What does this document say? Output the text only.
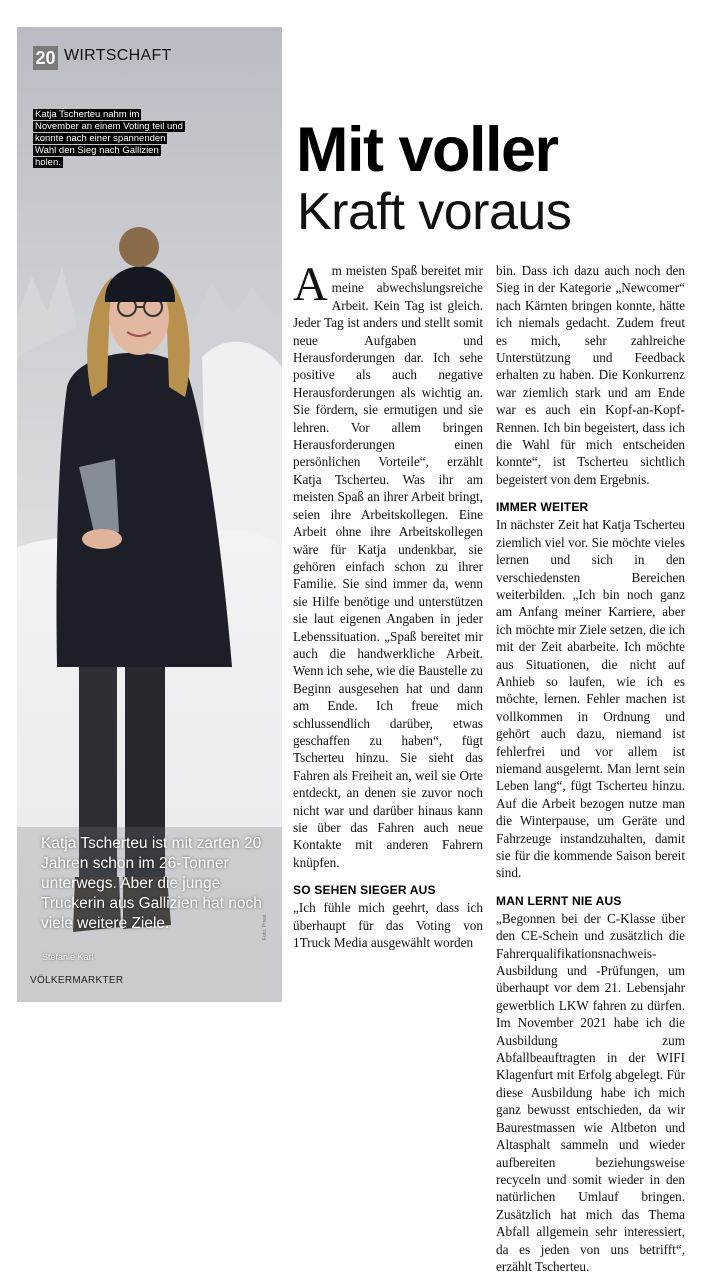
20 WIRTSCHAFT
Katja Tscherteu nahm im November an einem Voting teil und konnte nach einer spannenden Wahl den Sieg nach Gallizien holen.	Mit voller
Kraft voraus
Katja Tscherteu ist mit zarten 20 Jahren schon im 26-Tonner unterwegs. Aber die junge Truckerin aus Gallizien hat noch viele weitere Ziele.
Stefanie Karl
Foto: Privat
VÖLKERMARKTER

Am meisten Spaß bereitet mir meine abwechslungsreiche Arbeit. Kein Tag ist gleich. Jeder Tag ist anders und stellt somit neue Aufgaben und Herausforderungen dar. Ich sehe positive als auch negative Herausforderungen als wichtig an. Sie fördern, sie ermutigen und sie lehren. Vor allem bringen Herausforderungen einen persönlichen Vorteile“, erzählt Katja Tscherteu. Was ihr am meisten Spaß an ihrer Arbeit bringt, seien ihre Arbeitskollegen. Eine Arbeit ohne ihre Arbeitskollegen wäre für Katja undenkbar, sie gehören einfach schon zu ihrer Familie. Sie sind immer da, wenn sie Hilfe benötige und unterstützen sie laut eigenen Angaben in jeder Lebenssituation. „Spaß bereitet mir auch die handwerkliche Arbeit. Wenn ich sehe, wie die Baustelle zu Beginn ausgesehen hat und dann am Ende. Ich freue mich schlussendlich darüber, etwas geschaffen zu haben“, fügt Tscherteu hinzu. Sie sieht das Fahren als Freiheit an, weil sie Orte entdeckt, an denen sie zuvor noch nicht war und darüber hinaus kann sie über das Fahren auch neue Kontakte mit anderen Fahrern knüpfen.

SO SEHEN SIEGER AUS

„Ich fühle mich geehrt, dass ich überhaupt für das Voting von 1Truck Media ausgewählt worden

bin. Dass ich dazu auch noch den Sieg in der Kategorie „Newcomer“ nach Kärnten bringen konnte, hätte ich niemals gedacht. Zudem freut es mich, sehr zahlreiche Unterstützung und Feedback erhalten zu haben. Die Konkurrenz war ziemlich stark und am Ende war es auch ein Kopf-an-Kopf-Rennen. Ich bin begeistert, dass ich die Wahl für mich entscheiden konnte“, ist Tscherteu sichtlich begeistert von dem Ergebnis.

IMMER WEITER

In nächster Zeit hat Katja Tscherteu ziemlich viel vor. Sie möchte vieles lernen und sich in den verschiedensten Bereichen weiterbilden. „Ich bin noch ganz am Anfang meiner Karriere, aber ich möchte mir Ziele setzen, die ich mit der Zeit abarbeite. Ich möchte aus Situationen, die nicht auf Anhieb so laufen, wie ich es möchte, lernen. Fehler machen ist vollkommen in Ordnung und gehört auch dazu, niemand ist fehlerfrei und vor allem ist niemand ausgelernt. Man lernt sein Leben lang“, fügt Tscherteu hinzu. Auf die Arbeit bezogen nutze man die Winterpause, um Geräte und Fahrzeuge instandzuhalten, damit sie für die kommende Saison bereit sind.

MAN LERNT NIE AUS

„Begonnen bei der C-Klasse über den CE-Schein und zusätzlich die Fahrerqualifikationsnachweis-Ausbildung und -Prüfungen, um überhaupt vor dem 21. Lebensjahr gewerblich LKW fahren zu dürfen. Im November 2021 habe ich die Ausbildung zum Abfallbeauftragten in der WIFI Klagenfurt mit Erfolg abgelegt. Für diese Ausbildung habe ich mich ganz bewusst entschieden, da wir Baurestmassen wie Altbeton und Altasphalt sammeln und wieder aufbereiten beziehungsweise recyceln und somit wieder in den natürlichen Umlauf bringen. Zusätzlich hat mich das Thema Abfall allgemein sehr interessiert, da es jeden von uns betrifft“, erzählt Tscherteu.
